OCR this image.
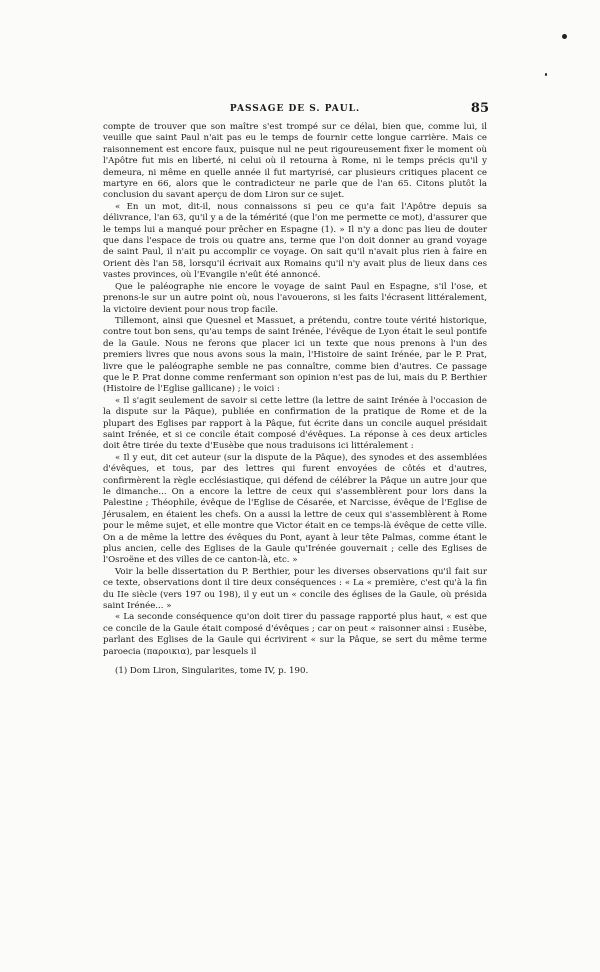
PASSAGE DE S. PAUL.	85

compte de trouver que son maître s'est trompé sur ce délai, bien que, comme lui, il veuille que saint Paul n'ait pas eu le temps de fournir cette longue carrière. Mais ce raisonnement est encore faux, puisque nul ne peut rigoureusement fixer le moment où l'Apôtre fut mis en liberté, ni celui où il retourna à Rome, ni le temps précis qu'il y demeura, ni même en quelle année il fut martyrisé, car plusieurs critiques placent ce martyre en 66, alors que le contradicteur ne parle que de l'an 65. Citons plutôt la conclusion du savant aperçu de dom Liron sur ce sujet.

« En un mot, dit-il, nous connaissons si peu ce qu'a fait l'Apôtre depuis sa délivrance, l'an 63, qu'il y a de la témérité (que l'on me permette ce mot), d'assurer que le temps lui a manqué pour prêcher en Espagne (1). » Il n'y a donc pas lieu de douter que dans l'espace de trois ou quatre ans, terme que l'on doit donner au grand voyage de saint Paul, il n'ait pu accomplir ce voyage. On sait qu'il n'avait plus rien à faire en Orient dès l'an 58, lorsqu'il écrivait aux Romains qu'il n'y avait plus de lieux dans ces vastes provinces, où l'Evangile n'eût été annoncé.

Que le paléographe nie encore le voyage de saint Paul en Espagne, s'il l'ose, et prenons-le sur un autre point où, nous l'avouerons, si les faits l'écrasent littéralement, la victoire devient pour nous trop facile.

Tillemont, ainsi que Quesnel et Massuet, a prétendu, contre toute vérité historique, contre tout bon sens, qu'au temps de saint Irénée, l'évêque de Lyon était le seul pontife de la Gaule. Nous ne ferons que placer ici un texte que nous prenons à l'un des premiers livres que nous avons sous la main, l'Histoire de saint Irénée, par le P. Prat, livre que le paléographe semble ne pas connaître, comme bien d'autres. Ce passage que le P. Prat donne comme renfermant son opinion n'est pas de lui, mais du P. Berthier (Histoire de l'Eglise gallicane) ; le voici :

« Il s'agit seulement de savoir si cette lettre (la lettre de saint Irénée à l'occasion de la dispute sur la Pâque), publiée en confirmation de la pratique de Rome et de la plupart des Eglises par rapport à la Pâque, fut écrite dans un concile auquel présidait saint Irénée, et si ce concile était composé d'évêques. La réponse à ces deux articles doit être tirée du texte d'Eusèbe que nous traduisons ici littéralement :

« Il y eut, dit cet auteur (sur la dispute de la Pâque), des synodes et des assemblées d'évêques, et tous, par des lettres qui furent envoyées de côtés et d'autres, confirmèrent la règle ecclésiastique, qui défend de célébrer la Pâque un autre jour que le dimanche... On a encore la lettre de ceux qui s'assemblèrent pour lors dans la Palestine ; Théophile, évêque de l'Eglise de Césarée, et Narcisse, évêque de l'Eglise de Jérusalem, en étaient les chefs. On a aussi la lettre de ceux qui s'assemblèrent à Rome pour le même sujet, et elle montre que Victor était en ce temps-là évêque de cette ville. On a de même la lettre des évêques du Pont, ayant à leur tête Palmas, comme étant le plus ancien, celle des Eglises de la Gaule qu'Irénée gouvernait ; celle des Eglises de l'Osroëne et des villes de ce canton-là, etc. »

Voir la belle dissertation du P. Berthier, pour les diverses observations qu'il fait sur ce texte, observations dont il tire deux conséquences : « La « première, c'est qu'à la fin du IIe siècle (vers 197 ou 198), il y eut un « concile des églises de la Gaule, où présida saint Irénée... »

« La seconde conséquence qu'on doit tirer du passage rapporté plus haut, « est que ce concile de la Gaule était composé d'évêques ; car on peut « raisonner ainsi : Eusèbe, parlant des Eglises de la Gaule qui écrivirent « sur la Pâque, se sert du même terme paroecia (παροικια), par lesquels il

(1) Dom Liron, Singularites, tome IV, p. 190.
